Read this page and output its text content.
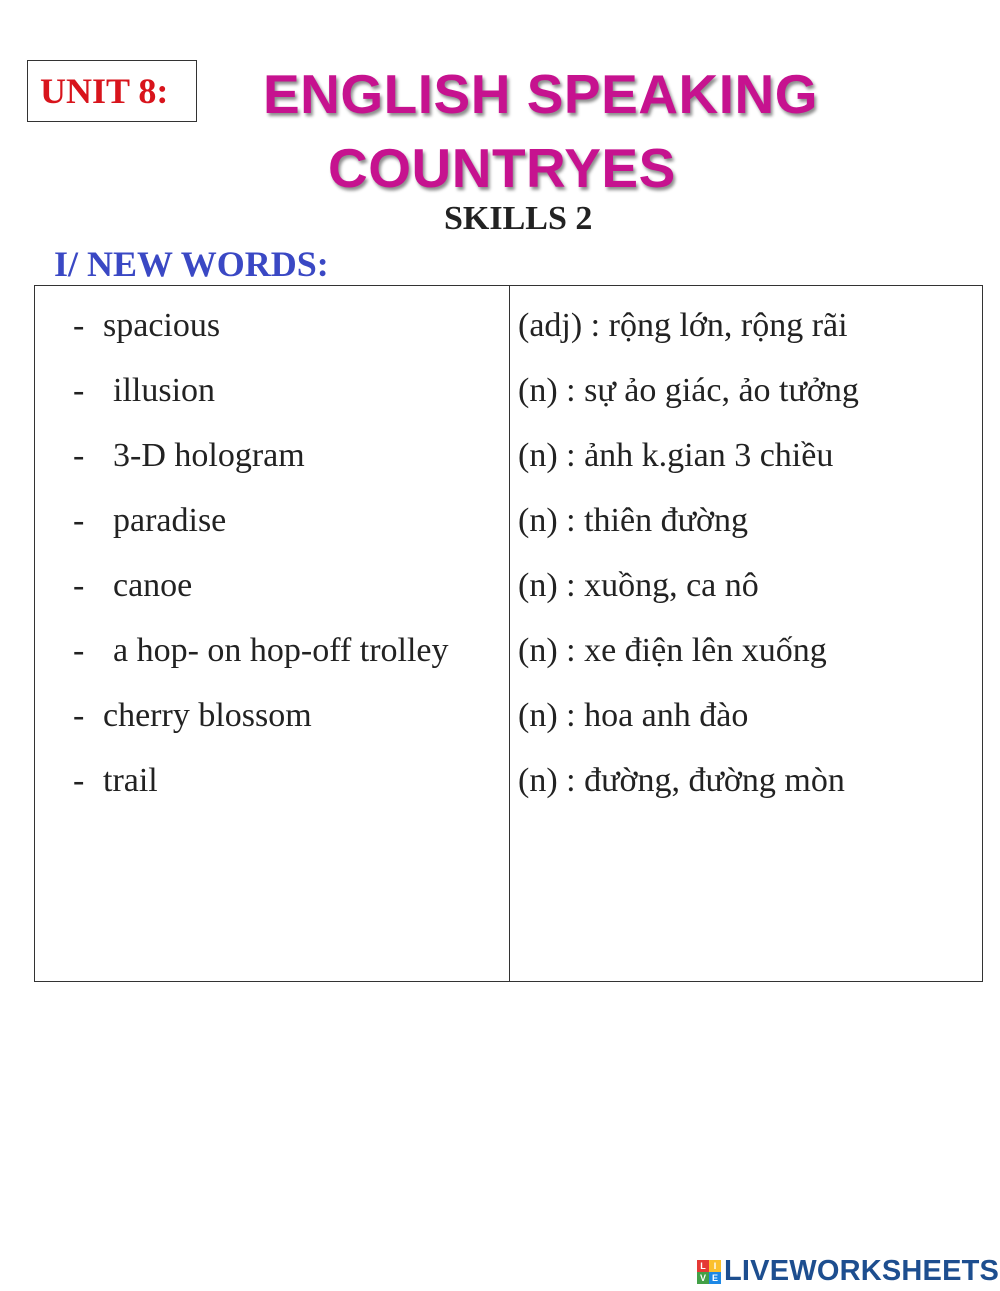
UNIT 8:	ENGLISH SPEAKING
COUNTRYES
SKILLS 2
I/ NEW WORDS:
- spacious	(adj) : rộng lớn, rộng rãi
- illusion	(n) : sự ảo giác, ảo tưởng
- 3-D hologram	(n) : ảnh k.gian 3 chiều
- paradise	(n) : thiên đường
- canoe	(n) : xuồng, ca nô
- a hop- on hop-off trolley (n) : xe điện lên xuống
- cherry blossom	(n) : hoa anh đào
- trail	(n) : đường, đường mòn
L I
V E LIVEWORKSHEETS
